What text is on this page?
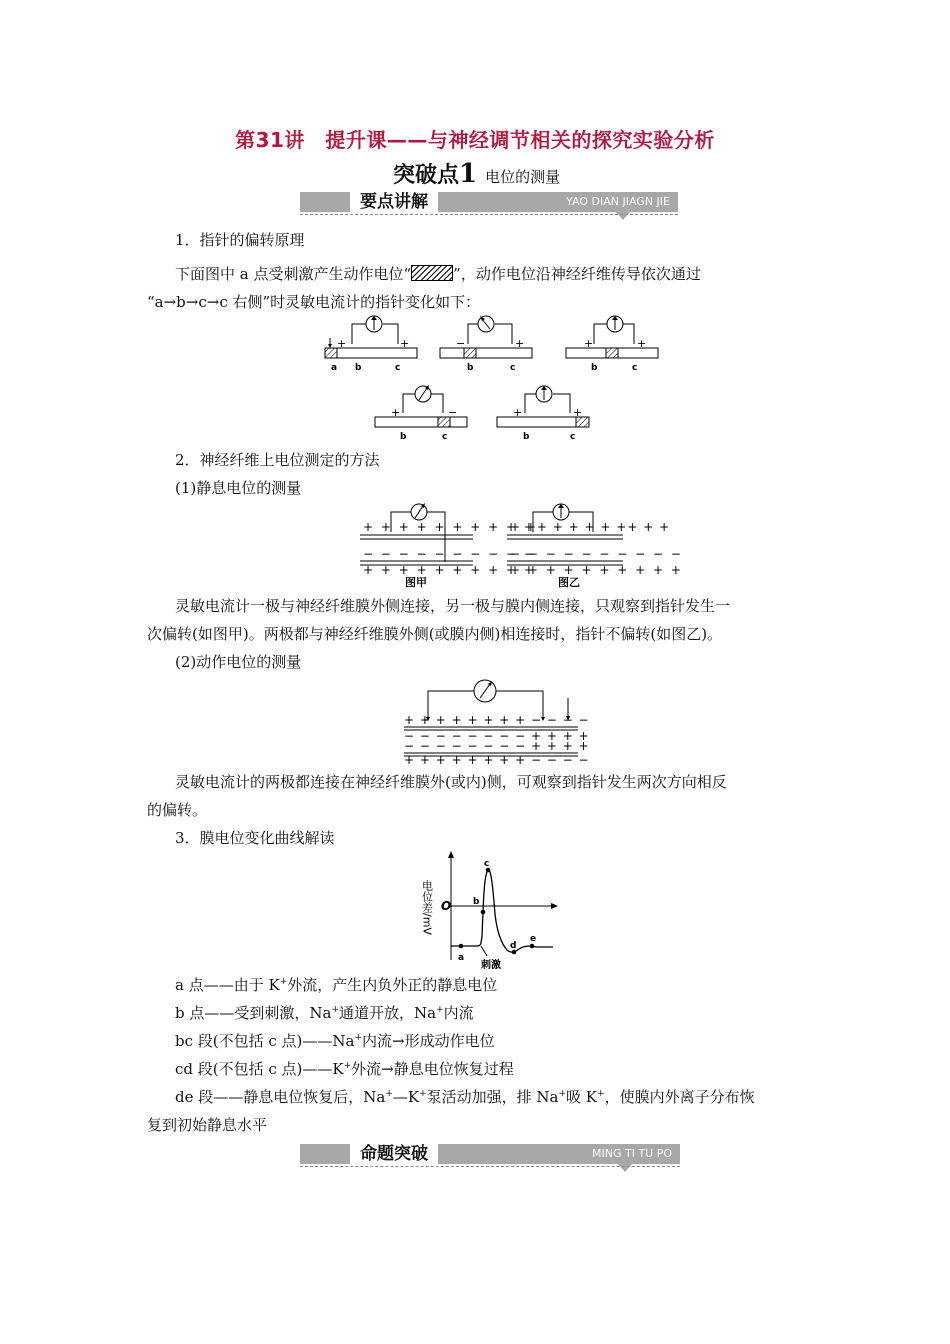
第31讲　提升课——与神经调节相关的探究实验分析
突破点1 电位的测量
要点讲解	YAO DIAN JIAGN JIE
1．指针的偏转原理
下面图中 a 点受刺激产生动作电位“	”，动作电位沿神经纤维传导依次通过
“a→b→c→c 右侧”时灵敏电流计的指针变化如下：
+	+
a b	c
−	+
b	c
+	+
b	c
+	−
b	c
+	+
b	c
2．神经纤维上电位测定的方法
(1)静息电位的测量
+ + + + + + + + + +
− − − − − − − − − −
+ + + + + + + + + +
图甲
+ ++ + + + + ++ + +
− − − − − − − − − −
+ + + + + + + + + +
图乙
灵敏电流计一极与神经纤维膜外侧连接，另一极与膜内侧连接，只观察到指针发生一
次偏转(如图甲)。两极都与神经纤维膜外侧(或膜内侧)相连接时，指针不偏转(如图乙)。
(2)动作电位的测量
+ + + + + + + + − − − −
− − − − − − − − + + + +
− − − − − − − − + + + +
+ + + + + + + + − − − −
灵敏电流计的两极都连接在神经纤维膜外(或内)侧，可观察到指针发生两次方向相反
的偏转。
3．膜电位变化曲线解读
O
电位差/mV
a
b
c
d
e
刺激
a 点——由于 K+外流，产生内负外正的静息电位
b 点——受到刺激，Na+通道开放，Na+内流
bc 段(不包括 c 点)——Na+内流→形成动作电位
cd 段(不包括 c 点)——K+外流→静息电位恢复过程
de 段——静息电位恢复后，Na+—K+泵活动加强，排 Na+吸 K+，使膜内外离子分布恢
复到初始静息水平
命题突破	MING TI TU PO
